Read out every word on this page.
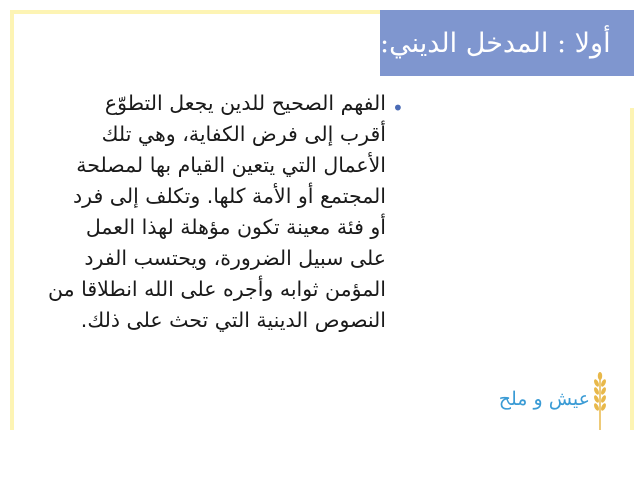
أولا : المدخل الديني:
•
الفهم الصحيح للدين يجعل التطوّع
أقرب إلى فرض الكفاية، وهي تلك
الأعمال التي يتعين القيام بها لمصلحة
المجتمع أو الأمة كلها. وتكلف إلى فرد
أو فئة معينة تكون مؤهلة لهذا العمل
على سبيل الضرورة، ويحتسب الفرد
المؤمن ثوابه وأجره على الله انطلاقا من
النصوص الدينية التي تحث على ذلك.
عيش و ملح
